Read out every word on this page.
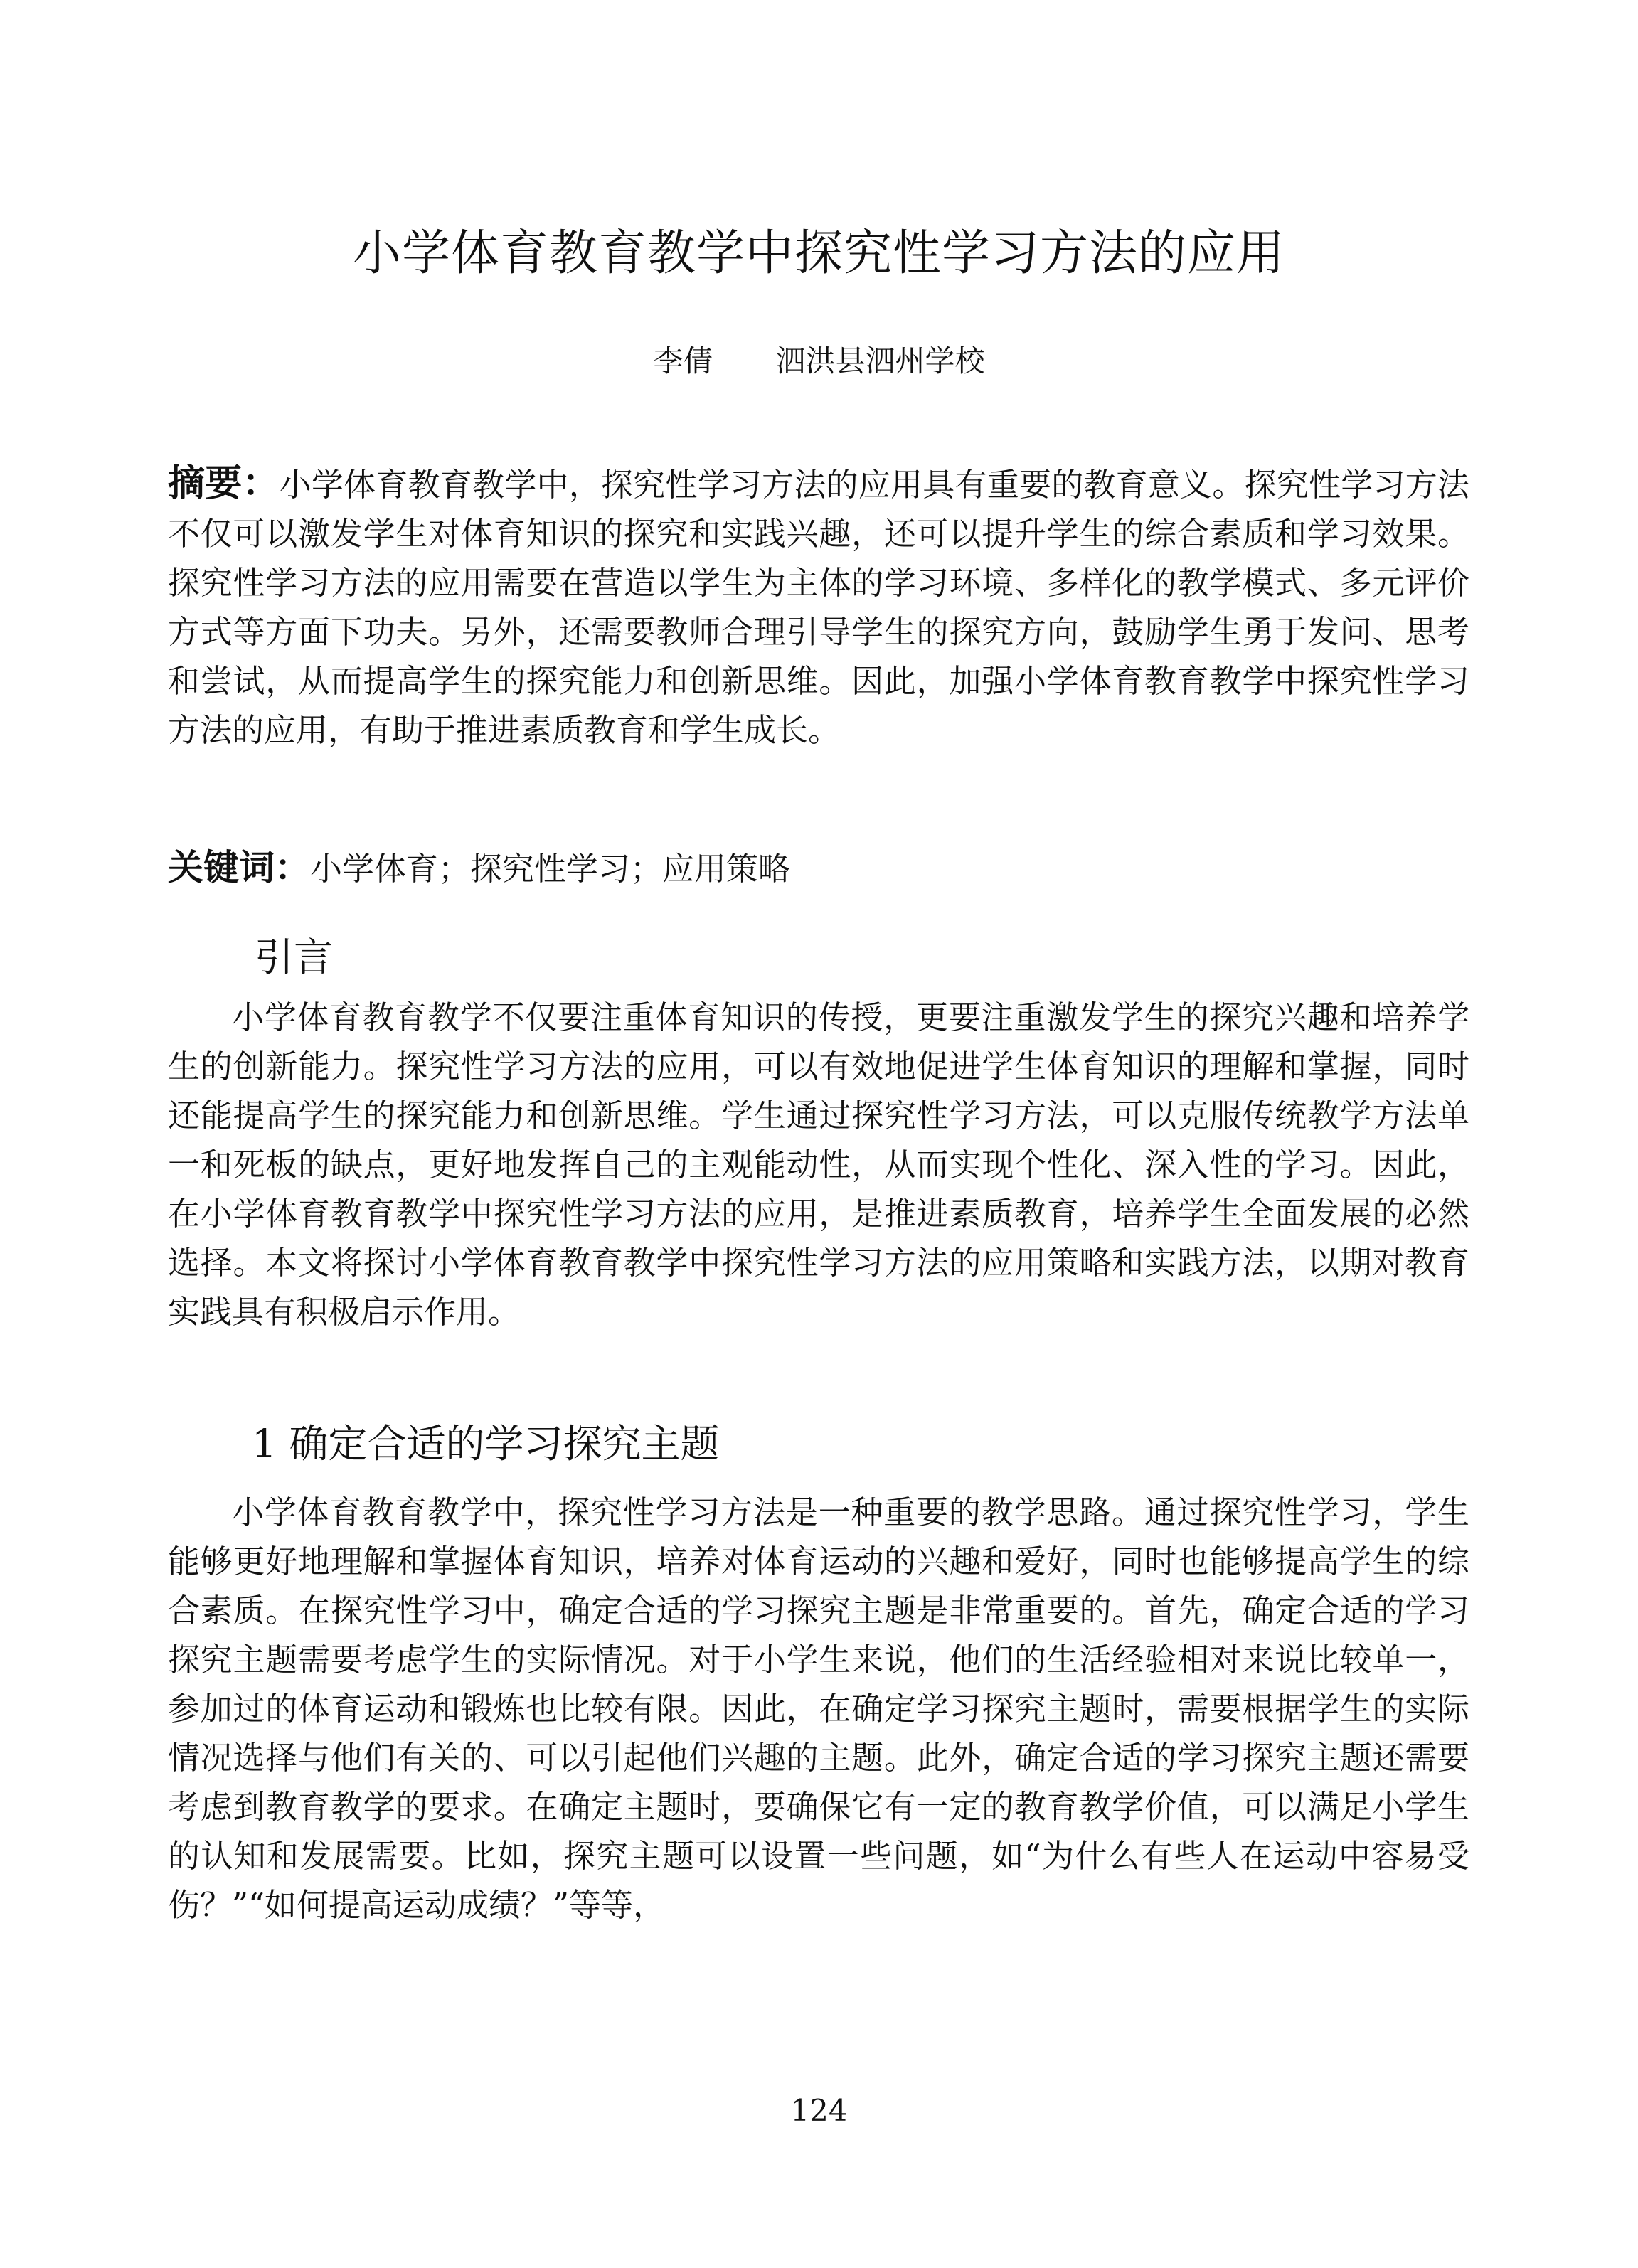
小学体育教育教学中探究性学习方法的应用
李倩 泗洪县泗州学校
摘要：小学体育教育教学中，探究性学习方法的应用具有重要的教育意义。探究性学习方法不仅可以激发学生对体育知识的探究和实践兴趣，还可以提升学生的综合素质和学习效果。探究性学习方法的应用需要在营造以学生为主体的学习环境、多样化的教学模式、多元评价方式等方面下功夫。另外，还需要教师合理引导学生的探究方向，鼓励学生勇于发问、思考和尝试，从而提高学生的探究能力和创新思维。因此，加强小学体育教育教学中探究性学习方法的应用，有助于推进素质教育和学生成长。
关键词：小学体育；探究性学习；应用策略
引言
小学体育教育教学不仅要注重体育知识的传授，更要注重激发学生的探究兴趣和培养学生的创新能力。探究性学习方法的应用，可以有效地促进学生体育知识的理解和掌握，同时还能提高学生的探究能力和创新思维。学生通过探究性学习方法，可以克服传统教学方法单一和死板的缺点，更好地发挥自己的主观能动性，从而实现个性化、深入性的学习。因此，在小学体育教育教学中探究性学习方法的应用，是推进素质教育，培养学生全面发展的必然选择。本文将探讨小学体育教育教学中探究性学习方法的应用策略和实践方法，以期对教育实践具有积极启示作用。
1 确定合适的学习探究主题
小学体育教育教学中，探究性学习方法是一种重要的教学思路。通过探究性学习，学生能够更好地理解和掌握体育知识，培养对体育运动的兴趣和爱好，同时也能够提高学生的综合素质。在探究性学习中，确定合适的学习探究主题是非常重要的。首先，确定合适的学习探究主题需要考虑学生的实际情况。对于小学生来说，他们的生活经验相对来说比较单一，参加过的体育运动和锻炼也比较有限。因此，在确定学习探究主题时，需要根据学生的实际情况选择与他们有关的、可以引起他们兴趣的主题。此外，确定合适的学习探究主题还需要考虑到教育教学的要求。在确定主题时，要确保它有一定的教育教学价值，可以满足小学生的认知和发展需要。比如，探究主题可以设置一些问题，如“为什么有些人在运动中容易受伤？”“如何提高运动成绩？”等等，
124
